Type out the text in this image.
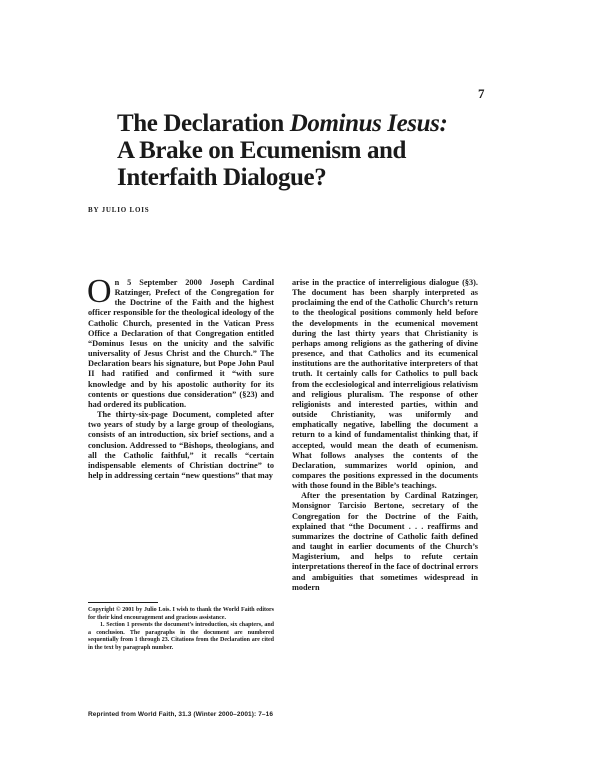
7
The Declaration Dominus Iesus:
A Brake on Ecumenism and
Interfaith Dialogue?
BY JULIO LOIS

On 5 September 2000 Joseph Cardinal Ratzinger, Prefect of the Congregation for the Doctrine of the Faith and the highest officer responsible for the theological ideology of the Catholic Church, presented in the Vatican Press Office a Declaration of that Congregation entitled “Dominus Iesus on the unicity and the salvific universality of Jesus Christ and the Church.” The Declaration bears his signature, but Pope John Paul II had ratified and confirmed it “with sure knowledge and by his apostolic authority for its contents or questions due consideration” (§23) and had ordered its publication.

The thirty-six-page Document, completed after two years of study by a large group of theologians, consists of an introduction, six brief sections, and a conclusion. Addressed to “Bishops, theologians, and all the Catholic faithful,” it recalls “certain indispensable elements of Christian doctrine” to help in addressing certain “new questions” that may

arise in the practice of interreligious dialogue (§3). The document has been sharply interpreted as proclaiming the end of the Catholic Church’s return to the theological positions commonly held before the developments in the ecumenical movement during the last thirty years that Christianity is perhaps among religions as the gathering of divine presence, and that Catholics and its ecumenical institutions are the authoritative interpreters of that truth. It certainly calls for Catholics to pull back from the ecclesiological and interreligious relativism and religious pluralism. The response of other religionists and interested parties, within and outside Christianity, was uniformly and emphatically negative, labelling the document a return to a kind of fundamentalist thinking that, if accepted, would mean the death of ecumenism. What follows analyses the contents of the Declaration, summarizes world opinion, and compares the positions expressed in the documents with those found in the Bible’s teachings.

After the presentation by Cardinal Ratzinger, Monsignor Tarcisio Bertone, secretary of the Congregation for the Doctrine of the Faith, explained that “the Document . . . reaffirms and summarizes the doctrine of Catholic faith defined and taught in earlier documents of the Church’s Magisterium, and helps to refute certain interpretations thereof in the face of doctrinal errors and ambiguities that sometimes widespread in modern

Copyright © 2001 by Julio Lois. I wish to thank the World Faith editors for their kind encouragement and gracious assistance.

1. Section 1 presents the document’s introduction, six chapters, and a conclusion. The paragraphs in the document are numbered sequentially from 1 through 23. Citations from the Declaration are cited in the text by paragraph number.

Reprinted from World Faith, 31.3 (Winter 2000–2001): 7–16
